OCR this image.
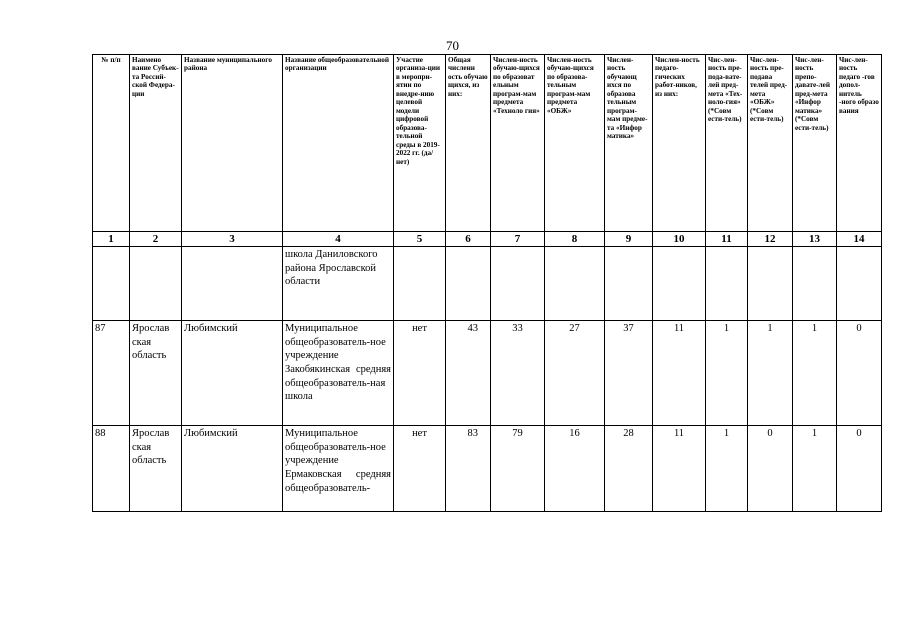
70
№ п/п	Наимено вание Субъек-та Россий-ской Федера-ции	Название муниципального района	Название общеобразовательной организации	Участие организа-ции в меропри-ятии по внедре-нию целевой модели цифровой образова-тельной среды в 2019-2022 гг. (да/нет)	Общая численн ость обучаю щихся, из них:	Числен-ность обучаю-щихся по образоват ельным програм-мам предмета «Техноло гия»	Числен-ность обучаю-щихся по образова-тельным програм-мам предмета «ОБЖ»	Числен-ность обучающ ихся по образова тельным програм-мам предме-та «Инфор матика»	Числен-ность педаго-гических работ-ников, из них:	Чис-лен-ность пре-пода-вате-лей пред-мета «Тех-ноло-гия» (*Совм ести-тель)	Чис-лен-ность пре-подава телей пред-мета «ОБЖ» (*Совм ести-тель)	Чис-лен-ность препо-давате-лей пред-мета «Инфор матика» (*Совм ести-тель)	Чис-лен-ность педаго -гов допол-нитель -ного образо вания
1	2	3	4	5	6	7	8	9	10	11	12	13	14
			школа Даниловского района Ярославской области										
87	Ярослав ская область	Любимский	Муниципальное общеобразователь-ное учреждение Закобякинская средняя общеобразователь-ная школа	нет	43	33	27	37	11	1	1	1	0
88	Ярослав ская область	Любимский	Муниципальное общеобразователь-ное учреждение Ермаковская средняя общеобразователь-	нет	83	79	16	28	11	1	0	1	0
